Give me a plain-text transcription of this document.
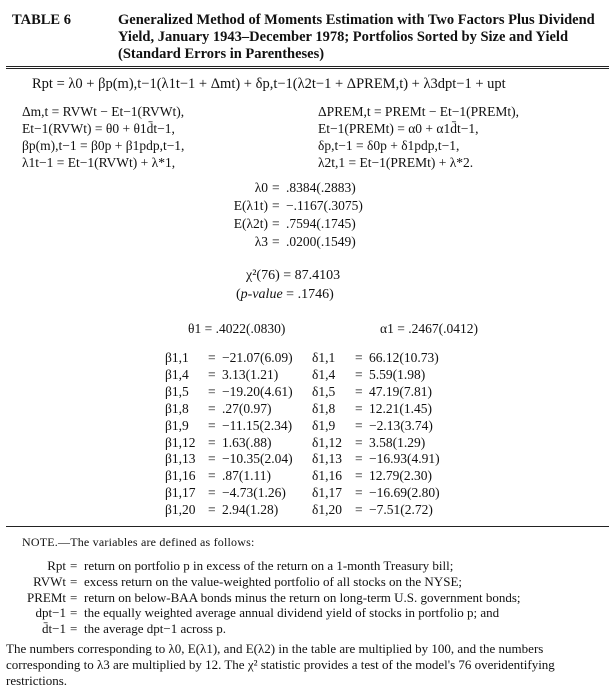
TABLE 6	Generalized Method of Moments Estimation with Two Factors Plus Dividend Yield, January 1943–December 1978; Portfolios Sorted by Size and Yield (Standard Errors in Parentheses)
Rpt = λ0 + βp(m),t−1(λ1t−1 + Δmt) + δp,t−1(λ2t−1 + ΔPREM,t) + λ3dpt−1 + upt
Δm,t = RVWt − Et−1(RVWt),
Et−1(RVWt) = θ0 + θ1d̄t−1,
βp(m),t−1 = β0p + β1pdp,t−1,
λ1t−1 = Et−1(RVWt) + λ*1,
ΔPREM,t = PREMt − Et−1(PREMt),
Et−1(PREMt) = α0 + α1d̄t−1,
δp,t−1 = δ0p + δ1pdp,t−1,
λ2t,1 = Et−1(PREMt) + λ*2.
λ0 = .8384(.2883)
E(λ1t) = −.1167(.3075)
E(λ2t) = .7594(.1745)
λ3 = .0200(.1549)
χ²(76) = 87.4103
(p-value = .1746)
θ1 = .4022(.0830)	α1 = .2467(.0412)
β1,1 = −21.07(6.09)
β1,4 = 3.13(1.21)
β1,5 = −19.20(4.61)
β1,8 = .27(0.97)
β1,9 = −11.15(2.34)
β1,12 = 1.63(.88)
β1,13 = −10.35(2.04)
β1,16 = .87(1.11)
β1,17 = −4.73(1.26)
β1,20 = 2.94(1.28)
δ1,1 = 66.12(10.73)
δ1,4 = 5.59(1.98)
δ1,5 = 47.19(7.81)
δ1,8 = 12.21(1.45)
δ1,9 = −2.13(3.74)
δ1,12 = 3.58(1.29)
δ1,13 = −16.93(4.91)
δ1,16 = 12.79(2.30)
δ1,17 = −16.69(2.80)
δ1,20 = −7.51(2.72)
NOTE.—The variables are defined as follows:
Rpt = return on portfolio p in excess of the return on a 1-month Treasury bill;
RVWt = excess return on the value-weighted portfolio of all stocks on the NYSE;
PREMt = return on below-BAA bonds minus the return on long-term U.S. government bonds;
dpt−1 = the equally weighted average annual dividend yield of stocks in portfolio p; and
d̄t−1 = the average dpt−1 across p.
The numbers corresponding to λ0, E(λ1), and E(λ2) in the table are multiplied by 100, and the numbers corresponding to λ3 are multiplied by 12. The χ² statistic provides a test of the model's 76 overidentifying restrictions.
